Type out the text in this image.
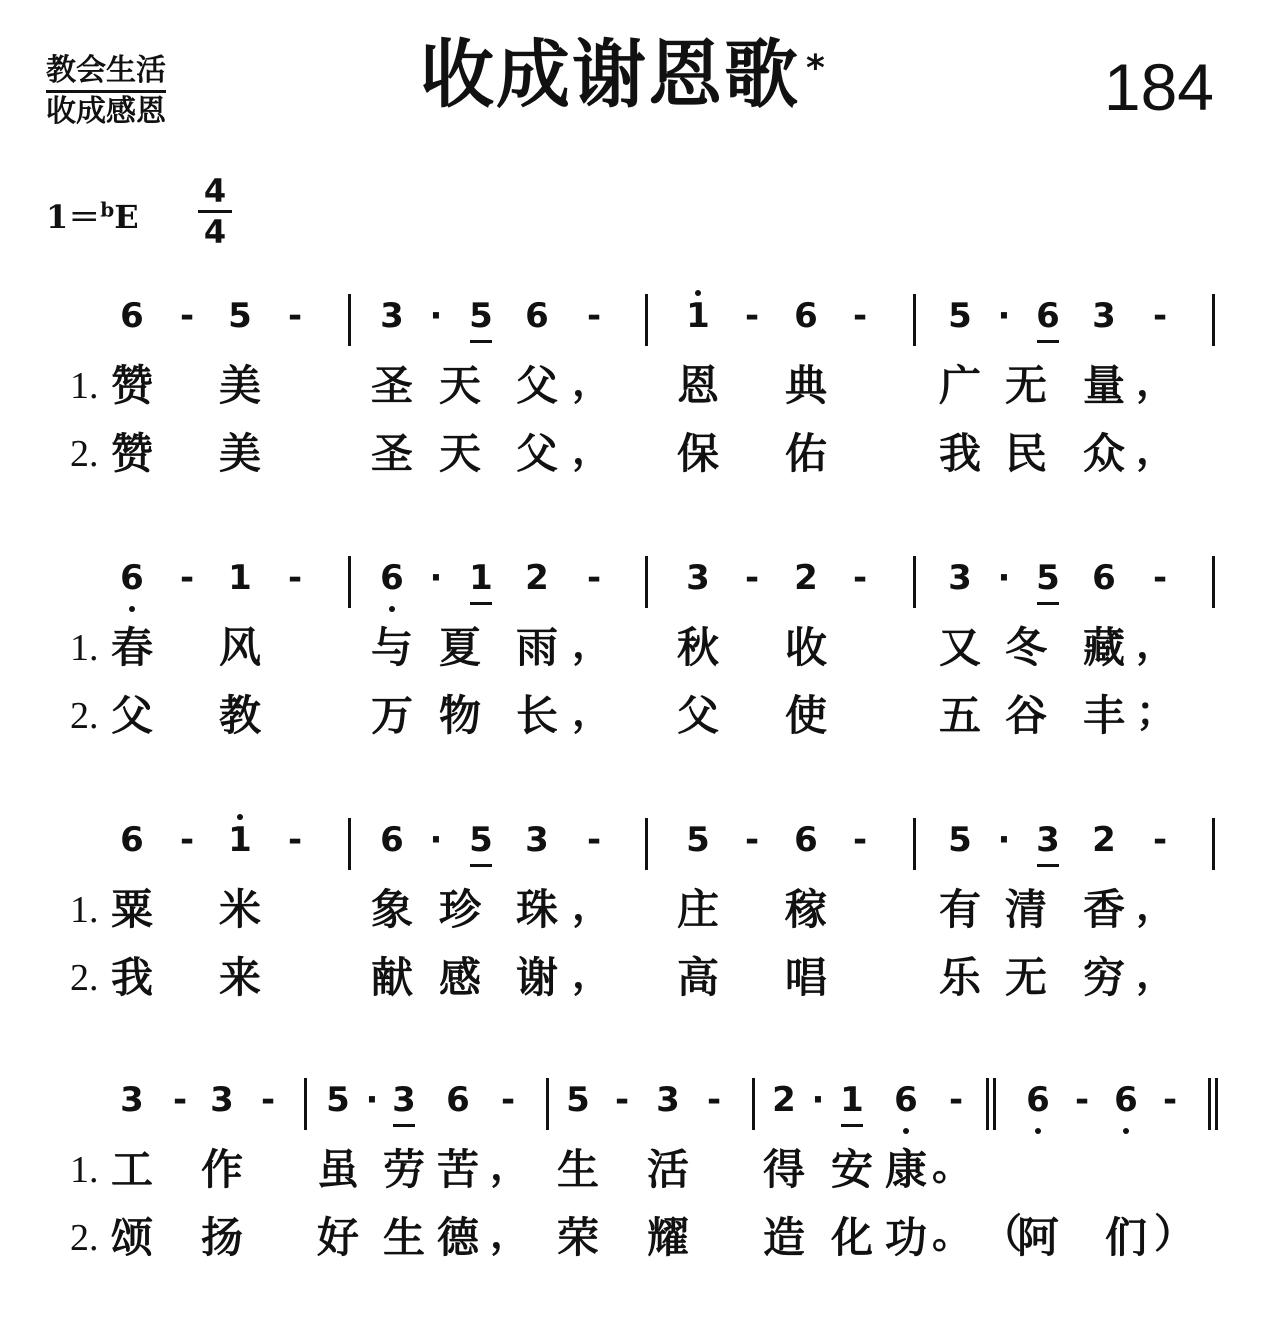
教会生活
收成感恩	收成谢恩歌 *	184
1＝$^b$E
4
4
6 - 5 - 3 · 5 6 -	1 - 6 - 5 · 6 3 -
1. 赞 美	圣 天 父	恩 典	广 无 量
，	，
2. 赞 美	圣 天 父	保 佑	我 民 众
，	，
6 - 1 - 6 · 1 2 -	3 - 2 - 3 · 5 6 -
1. 春 风	与 夏 雨	秋 收	又 冬 藏
，	，
2. 父 教	万 物 长	父 使	五 谷 丰
，	；
6 - 1 - 6 · 5 3 -	5 - 6 - 5 · 3 2 -
1. 粟 米	象 珍 珠	庄 稼	有 清 香
，	，
2. 我 来	献 感 谢	高 唱	乐 无 穷
，	，
3 - 3 - 5 · 3 6 - 5 - 3 - 2 · 1 6 - 6 - 6 -
1. 工 作 虽 劳 苦 生 活 得 安 康
，	。
2. 颂 扬 好 生 德 荣 耀 造 化 功 阿 们
，	。 （	）
